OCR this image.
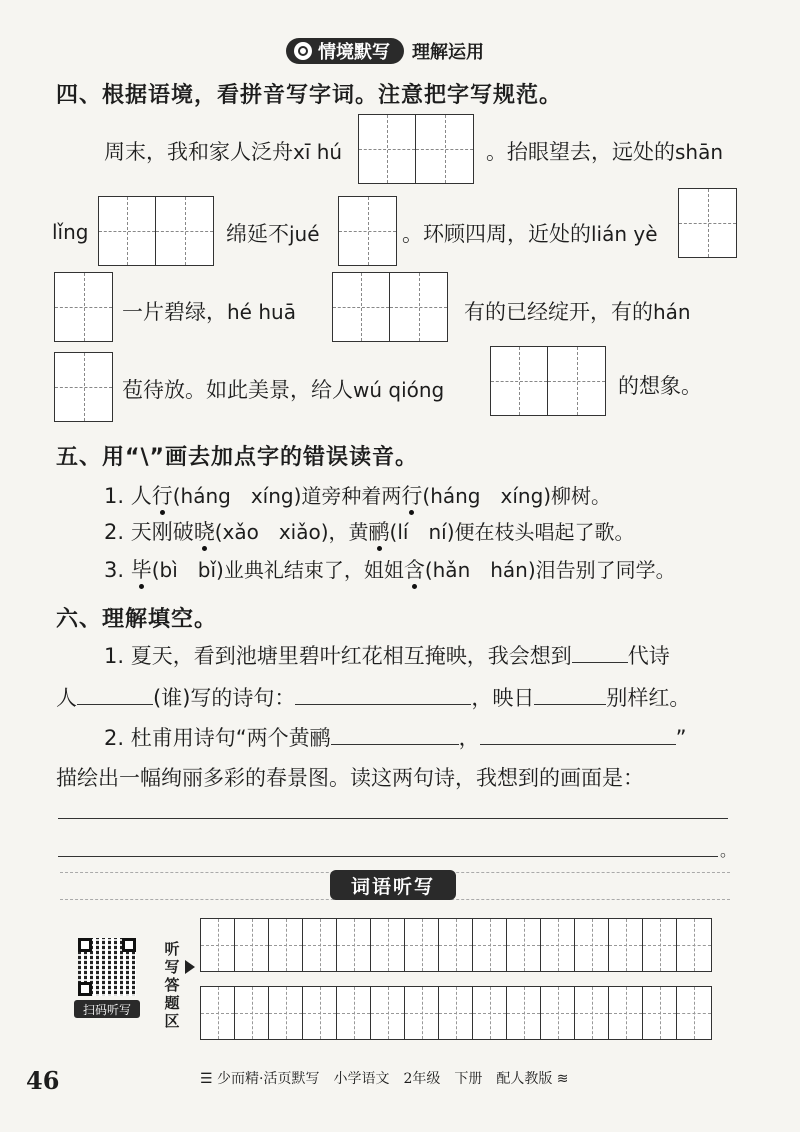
情境默写 理解运用
四、根据语境，看拼音写字词。注意把字写规范。
周末，我和家人泛舟xī hú	。抬眼望去，远处的shān
lǐng	绵延不jué	。环顾四周，近处的lián yè
一片碧绿，hé huā	有的已经绽开，有的hán
苞待放。如此美景，给人wú qióng	的想象。
五、用“\”画去加点字的错误读音。
1. 人行(háng　xíng)道旁种着两行(háng　xíng)柳树。
2. 天刚破晓(xǎo　xiǎo)，黄鹂(lí　ní)便在枝头唱起了歌。
3. 毕(bì　bǐ)业典礼结束了，姐姐含(hǎn　hán)泪告别了同学。
六、理解填空。
1. 夏天，看到池塘里碧叶红花相互掩映，我会想到	代诗
人	(谁)写的诗句：	，映日	别样红。
2. 杜甫用诗句“两个黄鹂	，	”
描绘出一幅绚丽多彩的春景图。读这两句诗，我想到的画面是：
。
词语听写
扫码听写
听写答题区
46	☰ 少而精·活页默写　小学语文　2年级　下册　配人教版 ≋
